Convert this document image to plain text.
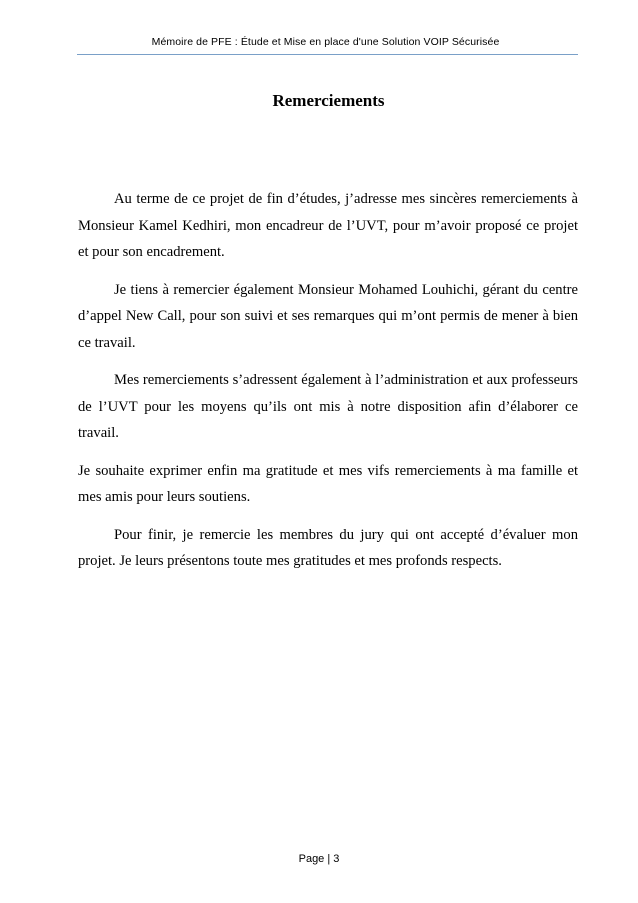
Mémoire de PFE : Étude et Mise en place d'une Solution VOIP Sécurisée
Remerciements

Au terme de ce projet de fin d’études, j’adresse mes sincères remerciements à Monsieur Kamel Kedhiri, mon encadreur de l’UVT, pour m’avoir proposé ce projet et pour son encadrement.

Je tiens à remercier également Monsieur Mohamed Louhichi, gérant du centre d’appel New Call, pour son suivi et ses remarques qui m’ont permis de mener à bien ce travail.

Mes remerciements s’adressent également à l’administration et aux professeurs de l’UVT pour les moyens qu’ils ont mis à notre disposition afin d’élaborer ce travail.

Je souhaite exprimer enfin ma gratitude et mes vifs remerciements à ma famille et mes amis pour leurs soutiens.

Pour finir, je remercie les membres du jury qui ont accepté d’évaluer mon projet. Je leurs présentons toute mes gratitudes et mes profonds respects.

Page | 3
